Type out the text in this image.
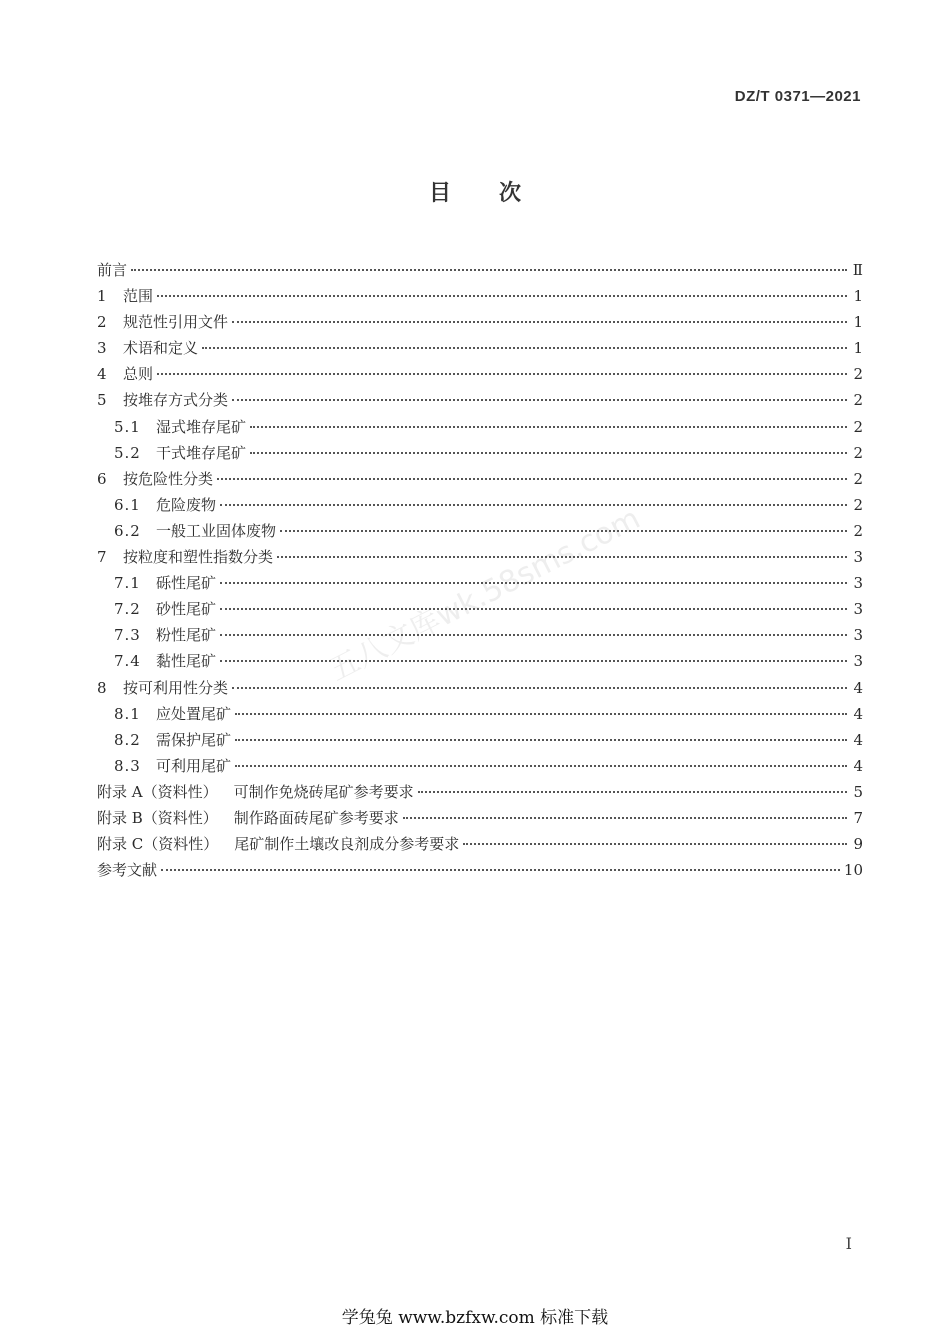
DZ/T 0371—2021
目次
五八文库wk.58sms.com
前言	Ⅱ
1	范围	1
2	规范性引用文件	1
3	术语和定义	1
4	总则	2
5	按堆存方式分类	2
5.1	湿式堆存尾矿	2
5.2	干式堆存尾矿	2
6	按危险性分类	2
6.1	危险废物	2
6.2	一般工业固体废物	2
7	按粒度和塑性指数分类	3
7.1	砾性尾矿	3
7.2	砂性尾矿	3
7.3	粉性尾矿	3
7.4	黏性尾矿	3
8	按可利用性分类	4
8.1	应处置尾矿	4
8.2	需保护尾矿	4
8.3	可利用尾矿	4
附录 A（资料性）	可制作免烧砖尾矿参考要求	5
附录 B（资料性）	制作路面砖尾矿参考要求	7
附录 C（资料性）	尾矿制作土壤改良剂成分参考要求	9
参考文献	10
I
学兔兔 www.bzfxw.com 标准下载
